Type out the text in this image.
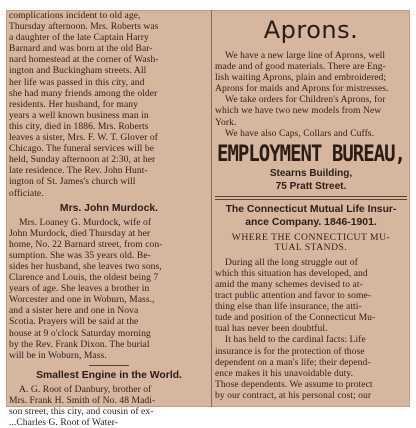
complications incident to old age,
Thursday afternoon. Mrs. Roberts was
a daughter of the late Captain Harry
Barnard and was born at the old Bar-
nard homestead at the corner of Wash-
ington and Buckingham streets. All
her life was passed in this city, and
she had many friends among the older
residents. Her husband, for many
years a well known business man in
this city, died in 1886. Mrs. Roberts
leaves a sister, Mrs. F. W. T. Glover of
Chicago. The funeral services will be
held, Sunday afternoon at 2:30, at her
late residence. The Rev. John Hunt-
ington of St. James's church will
officiate.
Mrs. John Murdock.
Mrs. Loaney G. Murdock, wife of
John Murdock, died Thursday at her
home, No. 22 Barnard street, from con-
sumption. She was 35 years old. Be-
sides her husband, she leaves two sons,
Clarence and Louis, the oldest being 7
years of age. She leaves a brother in
Worcester and one in Woburn, Mass.,
and a sister here and one in Nova
Scotia. Prayers will be said at the
house at 9 o'clock Saturday morning
by the Rev. Frank Dixon. The burial
will be in Woburn, Mass.
Smallest Engine in the World.
A. G. Root of Danbury, brother of
Mrs. Frank H. Smith of No. 48 Madi-
son street, this city, and cousin of ex-
...Charles G. Root of Water-
Aprons.
We have a new large line of Aprons, well
made and of good materials. There are Eng-
lish waiting Aprons, plain and embroidered;
Aprons for maids and Aprons for mistresses.
We take orders for Children's Aprons, for
which we have two new models from New
York.
We have also Caps, Collars and Cuffs.
EMPLOYMENT BUREAU,
Stearns Building,
75 Pratt Street.
The Connecticut Mutual Life Insur-
ance Company. 1846-1901.
WHERE THE CONNECTICUT MU-
TUAL STANDS.
During all the long struggle out of
which this situation has developed, and
amid the many schemes devised to at-
tract public attention and favor to some-
thing else than life insurance, the atti-
tude and position of the Connecticut Mu-
tual has never been doubtful.
It has held to the cardinal facts: Life
insurance is for the protection of those
dependent on a man's life; their depend-
ence makes it his unavoidable duty.
Those dependents. We assume to protect
by our contract, at his personal cost; our
